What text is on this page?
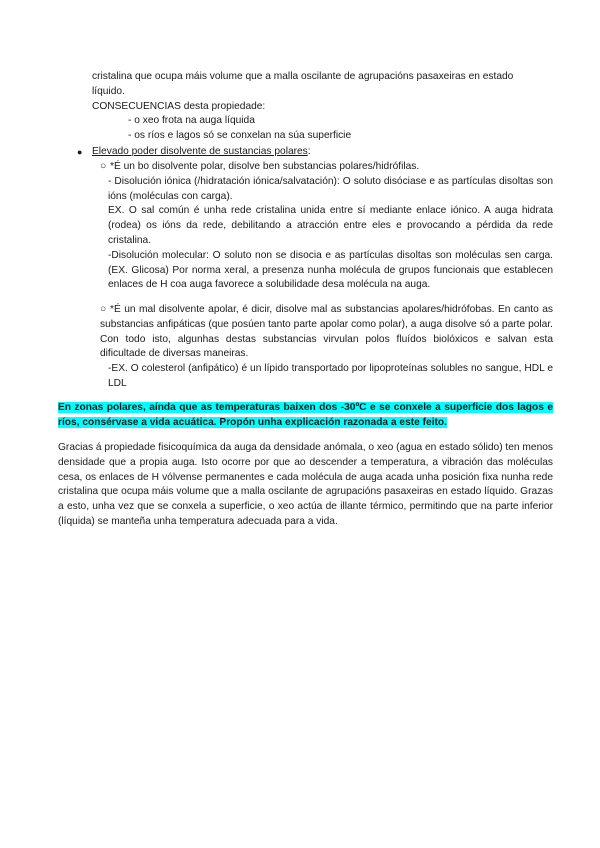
cristalina que ocupa máis volume que a malla oscilante de agrupacións pasaxeiras en estado
líquido.
CONSECUENCIAS desta propiedade:
- o xeo frota na auga líquida
- os ríos e lagos só se conxelan na súa superficie
● Elevado poder disolvente de sustancias polares:

○ *É un bo disolvente polar, disolve ben substancias polares/hidrófilas.

- Disolución iónica (/hidratación iónica/salvatación): O soluto disóciase e as partículas disoltas son ións (moléculas con carga).

EX. O sal común é unha rede cristalina unida entre sí mediante enlace iónico. A auga hidrata (rodea) os ións da rede, debilitando a atracción entre eles e provocando a pérdida da rede cristalina.

-Disolución molecular: O soluto non se disocia e as partículas disoltas son moléculas sen carga. (EX. Glicosa) Por norma xeral, a presenza nunha molécula de grupos funcionais que establecen enlaces de H coa auga favorece a solubilidade desa molécula na auga.

○ *É un mal disolvente apolar, é dicir, disolve mal as substancias apolares/hidrófobas. En canto as substancias anfipáticas (que posúen tanto parte apolar como polar), a auga disolve só a parte polar. Con todo isto, algunhas destas substancias virvulan polos fluídos biolóxicos e salvan esta dificultade de diversas maneiras.

-EX. O colesterol (anfipático) é un lípido transportado por lipoproteínas solubles no sangue, HDL e LDL

En zonas polares, aínda que as temperaturas baixen dos -30ºC e se conxele a superficie dos lagos e ríos, consérvase a vida acuática. Propón unha explicación razonada a este feito.

Gracias á propiedade fisicoquímica da auga da densidade anómala, o xeo (agua en estado sólido) ten menos densidade que a propia auga. Isto ocorre por que ao descender a temperatura, a vibración das moléculas cesa, os enlaces de H vólvense permanentes e cada molécula de auga acada unha posición fixa nunha rede cristalina que ocupa máis volume que a malla oscilante de agrupacións pasaxeiras en estado líquido. Grazas a esto, unha vez que se conxela a superficie, o xeo actúa de illante térmico, permitindo que na parte inferior (líquida) se manteña unha temperatura adecuada para a vida.
